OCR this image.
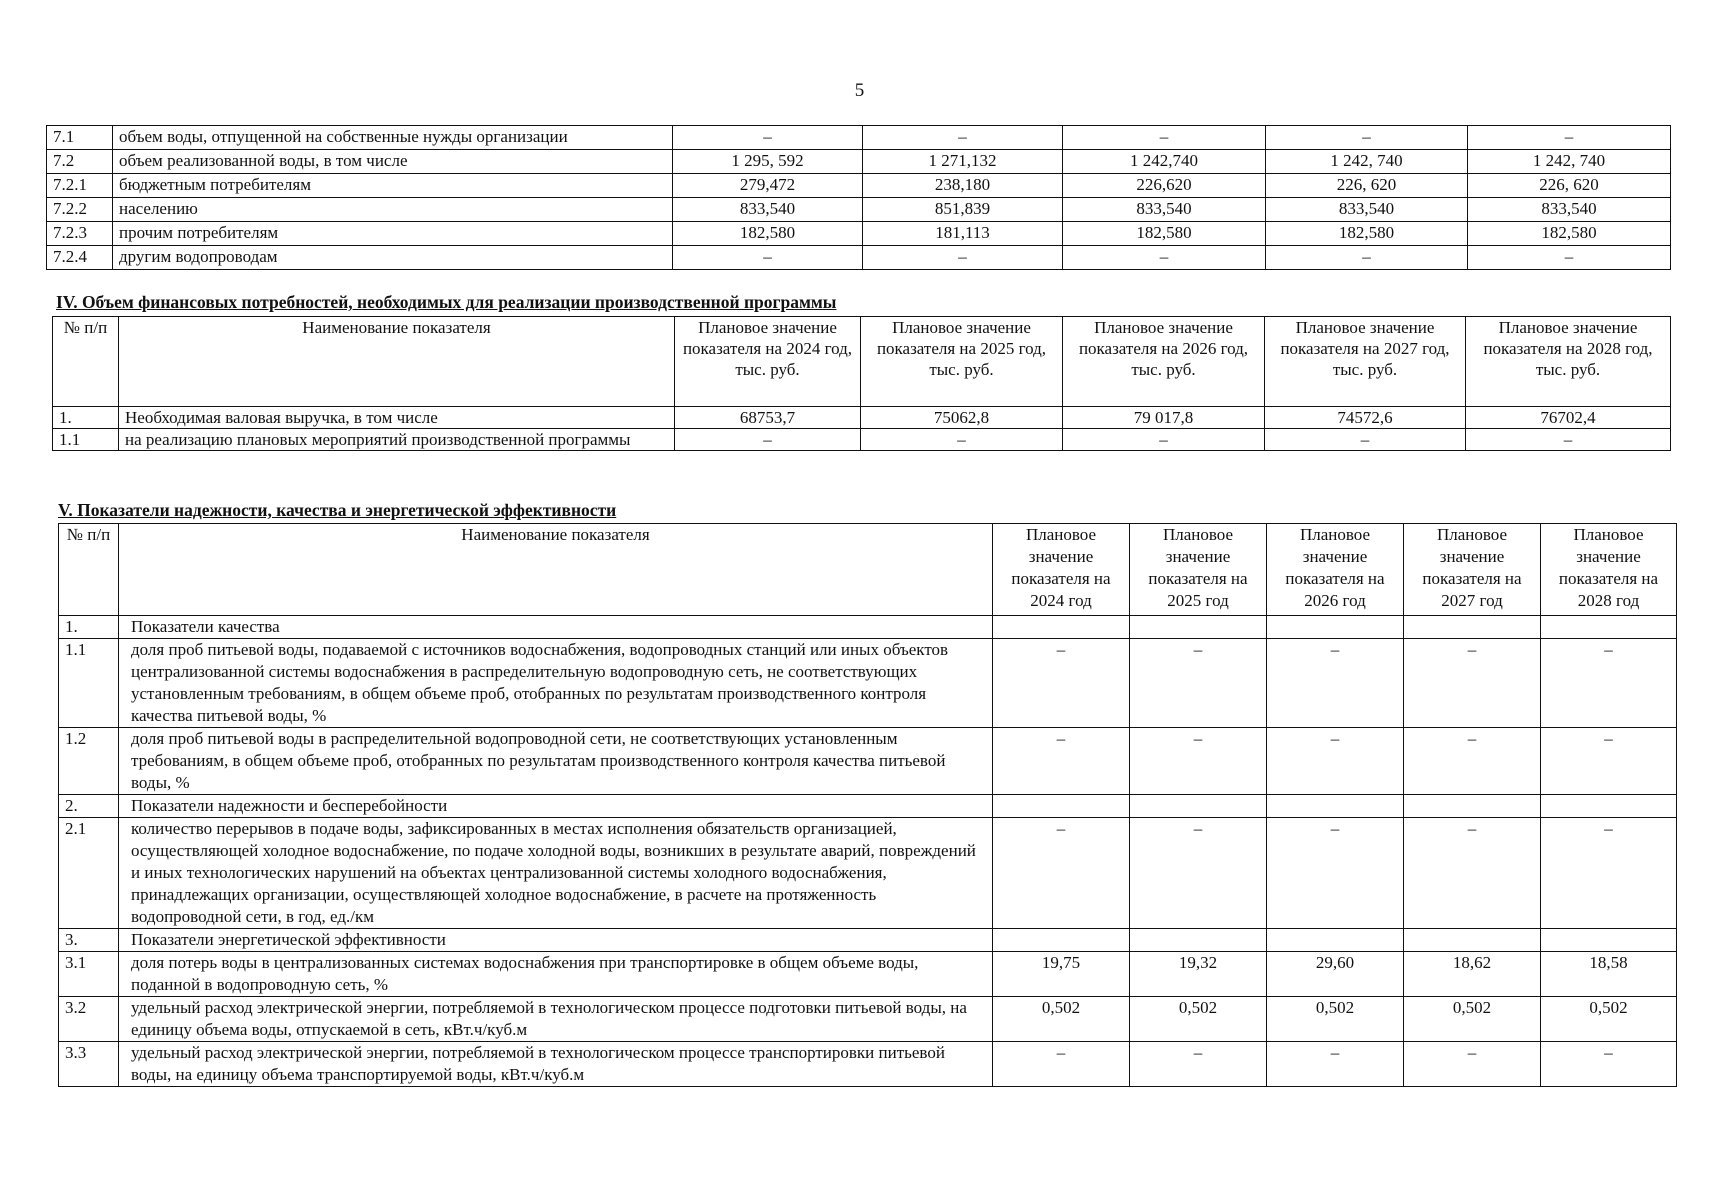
5
7.1	объем воды, отпущенной на собственные нужды организации	–	–	–	–	–
7.2	объем реализованной воды, в том числе	1 295, 592	1 271,132	1 242,740	1 242, 740	1 242, 740
7.2.1	бюджетным потребителям	279,472	238,180	226,620	226, 620	226, 620
7.2.2	населению	833,540	851,839	833,540	833,540	833,540
7.2.3	прочим потребителям	182,580	181,113	182,580	182,580	182,580
7.2.4	другим водопроводам	–	–	–	–	–
IV. Объем финансовых потребностей, необходимых для реализации производственной программы
№ п/п	Наименование показателя	Плановое значение показателя на 2024 год, тыс. руб.	Плановое значение показателя на 2025 год, тыс. руб.	Плановое значение показателя на 2026 год, тыс. руб.	Плановое значение показателя на 2027 год, тыс. руб.	Плановое значение показателя на 2028 год, тыс. руб.
1.	Необходимая валовая выручка, в том числе	68753,7	75062,8	79 017,8	74572,6	76702,4
1.1	на реализацию плановых мероприятий производственной программы	–	–	–	–	–
V. Показатели надежности, качества и энергетической эффективности
№ п/п	Наименование показателя	Плановое значение показателя на 2024 год	Плановое значение показателя на 2025 год	Плановое значение показателя на 2026 год	Плановое значение показателя на 2027 год	Плановое значение показателя на 2028 год
1.	Показатели качества					
1.1	доля проб питьевой воды, подаваемой с источников водоснабжения, водопроводных станций или иных объектов централизованной системы водоснабжения в распределительную водопроводную сеть, не соответствующих установленным требованиям, в общем объеме проб, отобранных по результатам производственного контроля качества питьевой воды, %	–	–	–	–	–
1.2	доля проб питьевой воды в распределительной водопроводной сети, не соответствующих установленным требованиям, в общем объеме проб, отобранных по результатам производственного контроля качества питьевой воды, %	–	–	–	–	–
2.	Показатели надежности и бесперебойности					
2.1	количество перерывов в подаче воды, зафиксированных в местах исполнения обязательств организацией, осуществляющей холодное водоснабжение, по подаче холодной воды, возникших в результате аварий, повреждений и иных технологических нарушений на объектах централизованной системы холодного водоснабжения, принадлежащих организации, осуществляющей холодное водоснабжение, в расчете на протяженность водопроводной сети, в год, ед./км	–	–	–	–	–
3.	Показатели энергетической эффективности					
3.1	доля потерь воды в централизованных системах водоснабжения при транспортировке в общем объеме воды, поданной в водопроводную сеть, %	19,75	19,32	29,60	18,62	18,58
3.2	удельный расход электрической энергии, потребляемой в технологическом процессе подготовки питьевой воды, на единицу объема воды, отпускаемой в сеть, кВт.ч/куб.м	0,502	0,502	0,502	0,502	0,502
3.3	удельный расход электрической энергии, потребляемой в технологическом процессе транспортировки питьевой воды, на единицу объема транспортируемой воды, кВт.ч/куб.м	–	–	–	–	–
